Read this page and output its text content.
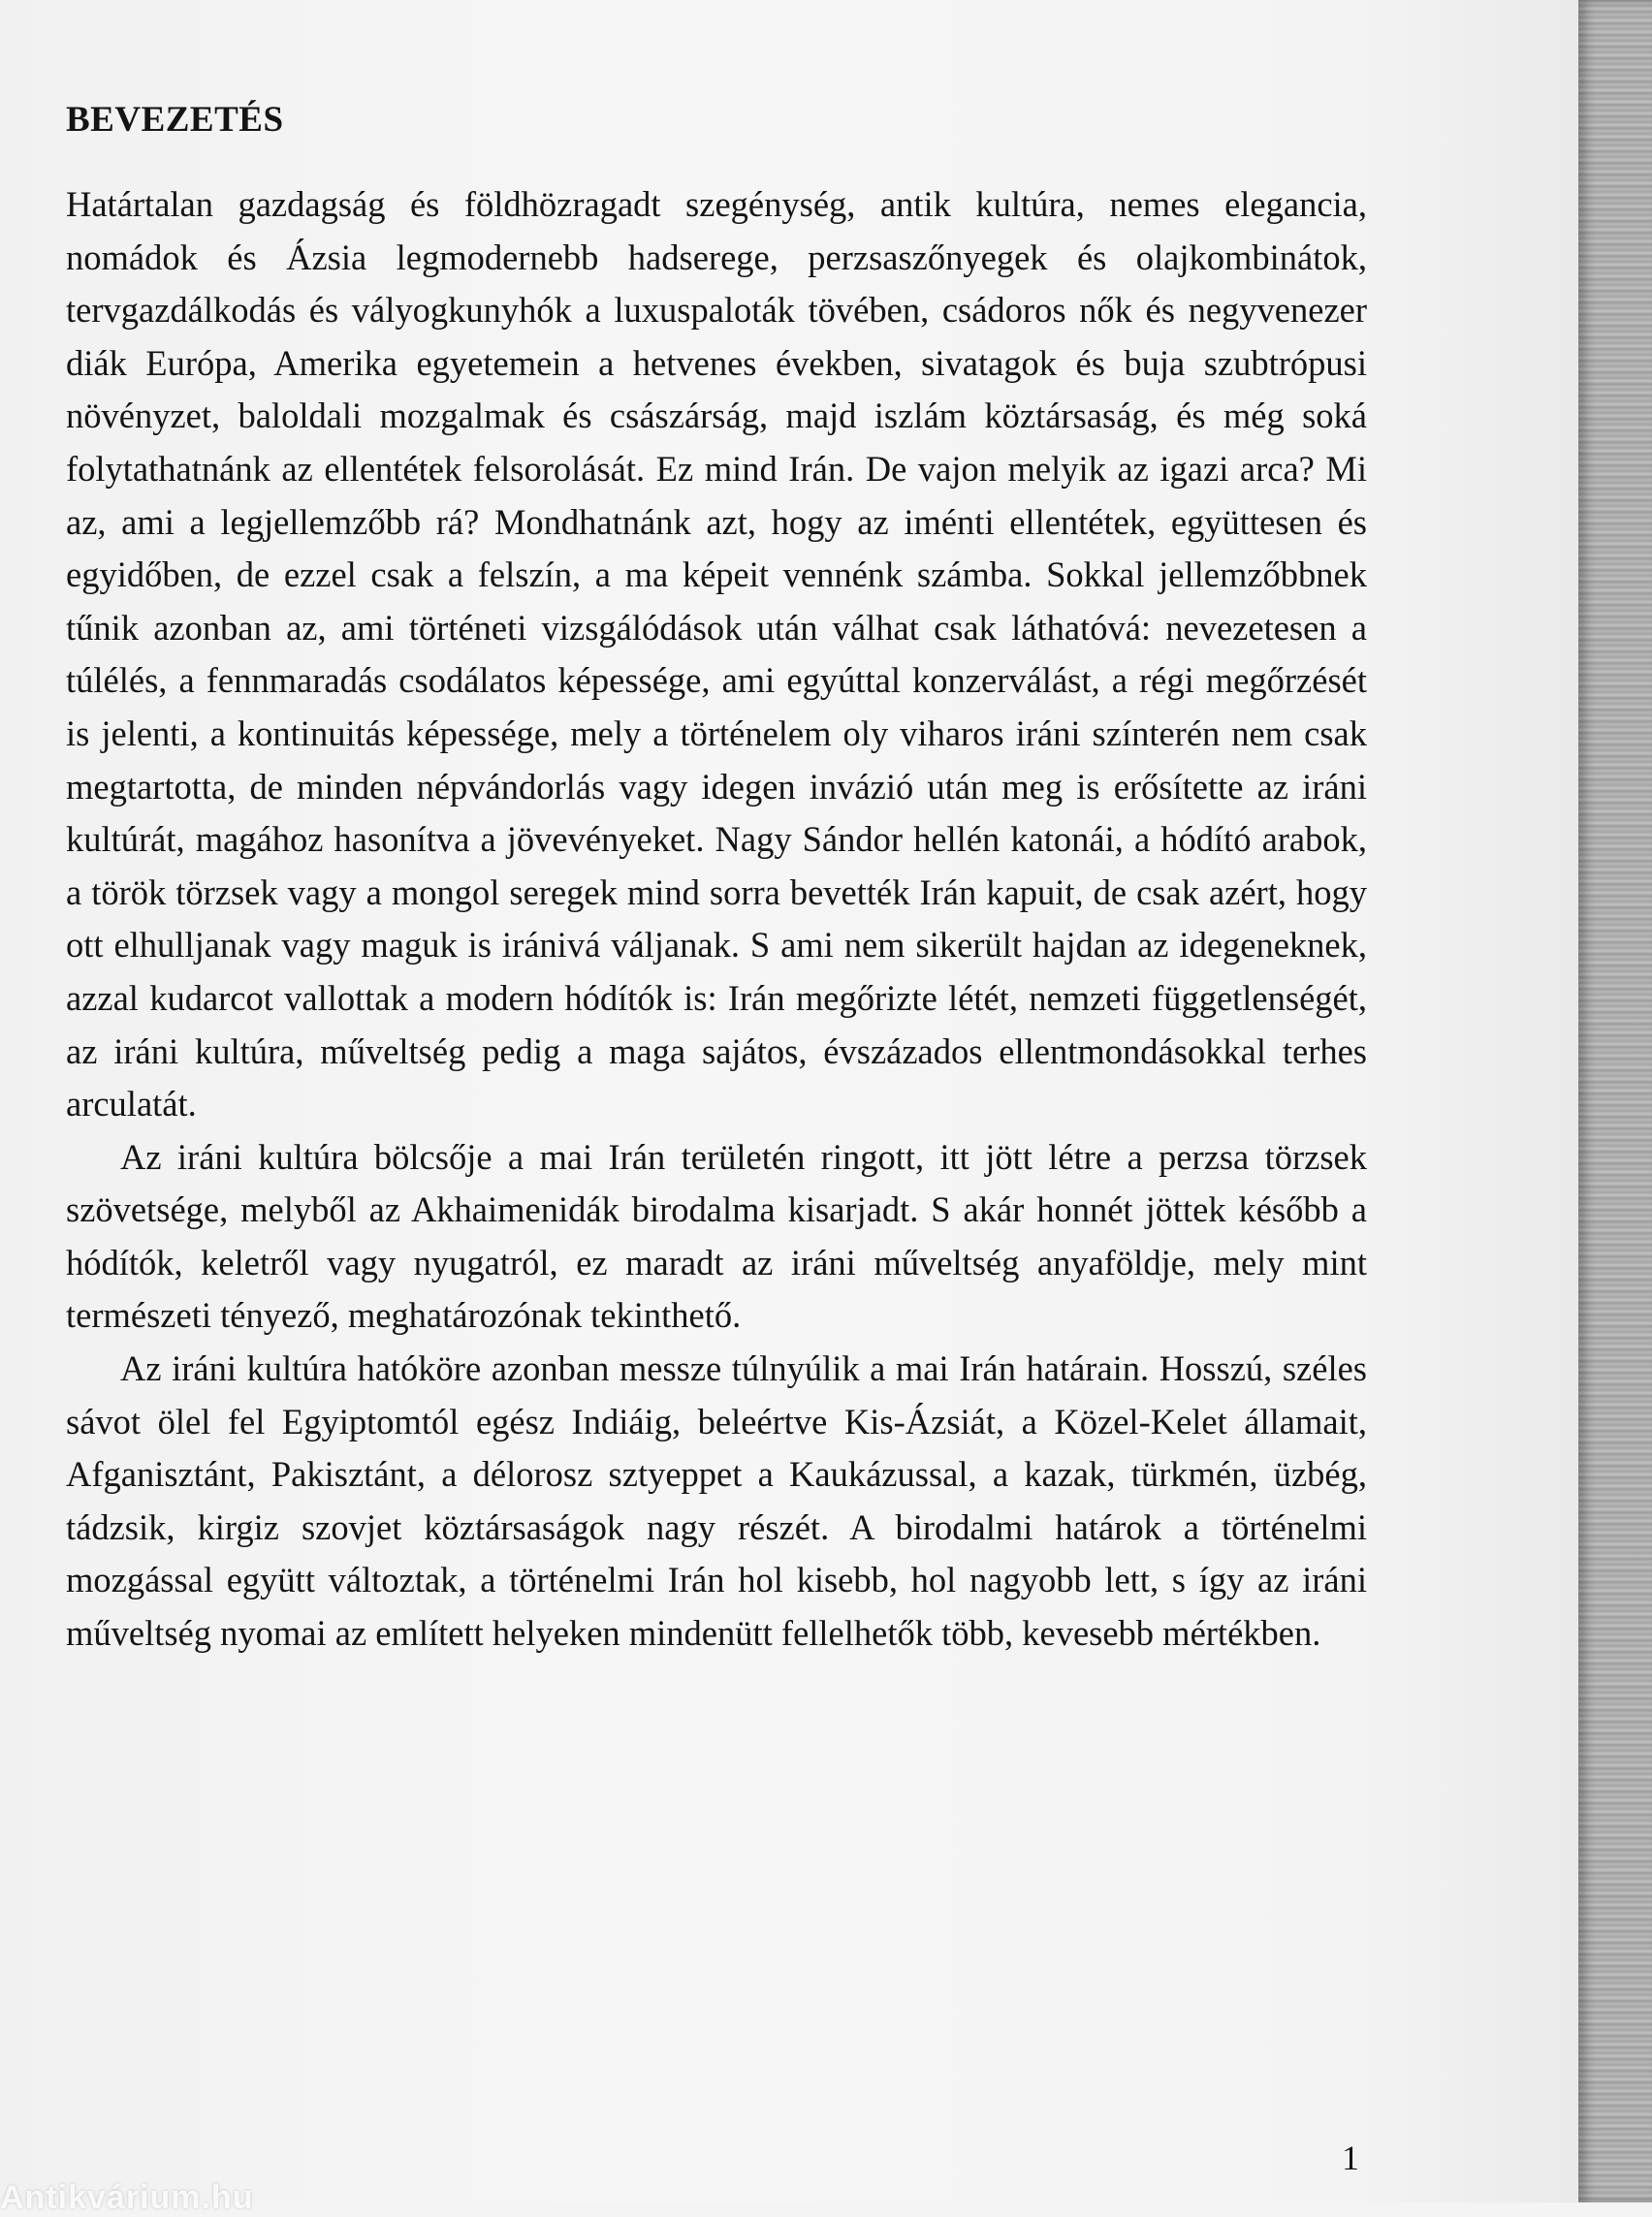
BEVEZETÉS

Határtalan gazdagság és földhözragadt szegénység, antik kultúra, nemes elegancia, nomádok és Ázsia legmodernebb hadserege, perzsaszőnyegek és olajkombinátok, tervgazdálkodás és vályogkunyhók a luxuspaloták tövében, csádoros nők és negyvenezer diák Európa, Amerika egyetemein a hetvenes években, sivatagok és buja szubtrópusi növényzet, baloldali mozgalmak és császárság, majd iszlám köztársaság, és még soká folytathatnánk az ellentétek felsorolását. Ez mind Irán. De vajon melyik az igazi arca? Mi az, ami a legjellemzőbb rá? Mondhatnánk azt, hogy az iménti ellentétek, együttesen és egyidőben, de ezzel csak a felszín, a ma képeit vennénk számba. Sokkal jellemzőbbnek tűnik azonban az, ami történeti vizsgálódások után válhat csak láthatóvá: nevezetesen a túlélés, a fennmaradás csodálatos képessége, ami egyúttal konzerválást, a régi megőrzését is jelenti, a kontinuitás képessége, mely a történelem oly viharos iráni színterén nem csak megtartotta, de minden népvándorlás vagy idegen invázió után meg is erősítette az iráni kultúrát, magához hasonítva a jövevényeket. Nagy Sándor hellén katonái, a hódító arabok, a török törzsek vagy a mongol seregek mind sorra bevették Irán kapuit, de csak azért, hogy ott elhulljanak vagy maguk is iránivá váljanak. S ami nem sikerült hajdan az idegeneknek, azzal kudarcot vallottak a modern hódítók is: Irán megőrizte létét, nemzeti függetlenségét, az iráni kultúra, műveltség pedig a maga sajátos, évszázados ellentmondásokkal terhes arculatát.

Az iráni kultúra bölcsője a mai Irán területén ringott, itt jött létre a perzsa törzsek szövetsége, melyből az Akhaimenidák birodalma kisarjadt. S akár honnét jöttek később a hódítók, keletről vagy nyugatról, ez maradt az iráni műveltség anyaföldje, mely mint természeti tényező, meghatározónak tekinthető.

Az iráni kultúra hatóköre azonban messze túlnyúlik a mai Irán határain. Hosszú, széles sávot ölel fel Egyiptomtól egész Indiáig, beleértve Kis-Ázsiát, a Közel-Kelet államait, Afganisztánt, Pakisztánt, a délorosz sztyeppet a Kaukázussal, a kazak, türkmén, üzbég, tádzsik, kirgiz szovjet köztársaságok nagy részét. A birodalmi határok a történelmi mozgással együtt változtak, a történelmi Irán hol kisebb, hol nagyobb lett, s így az iráni műveltség nyomai az említett helyeken mindenütt fellelhetők több, kevesebb mértékben.

1
Antikvárium.hu
